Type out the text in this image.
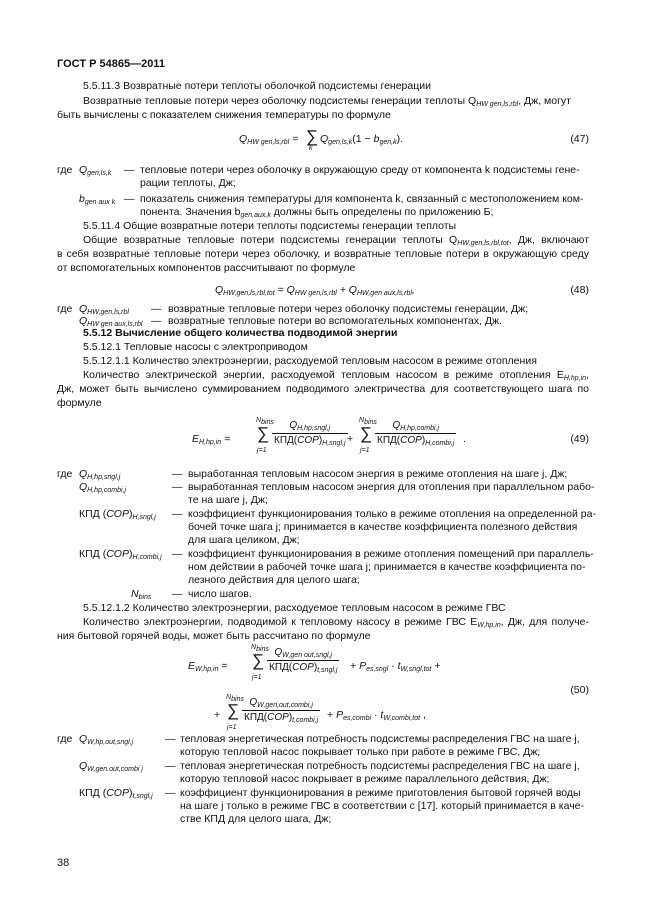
ГОСТ Р 54865—2011
5.5.11.3 Возвратные потери теплоты оболочкой подсистемы генерации
Возвратные тепловые потери через оболочку подсистемы генерации теплоты $Q_{HW gen,ls,rbl}$, Дж, могут
быть вычислены с показателем снижения температуры по формуле
$Q_{HW gen,ls,rbl}$ = ∑
k
$Q_{gen,ls,k}(1 - b_{gen,k})$.	(47)
где $Q_{gen,ls,k}$ — тепловые потери через оболочку в окружающую среду от компонента k подсистемы гене-
рации теплоты, Дж;
$b_{gen aux k}$ — показатель снижения температуры для компонента k, связанный с местоположением ком-
понента. Значения $b_{gen,aux,k}$ должны быть определены по приложению Б;
5.5.11.4 Общие возвратные потери теплоты подсистемы генерации теплоты
Общие возвратные тепловые потери подсистемы генерации теплоты $Q_{HW,gen,ls,rbl,tot}$, Дж, включают
в себя возвратные тепловые потери через оболочку, и возвратные тепловые потери в окружающую среду
от вспомогательных компонентов рассчитывают по формуле
$Q_{HW,gen,ls,rbl,tot} = Q_{HW gen,ls,rbl} + Q_{HW,gen aux,ls,rbl}$,	(48)
где $Q_{HW,gen,ls,rbl}$ — возвратные тепловые потери через оболочку подсистемы генерации, Дж;
$Q_{HW gen aux,ls,rbl}$ — возвратные тепловые потери во вспомогательных компонентах, Дж.
5.5.12 Вычисление общего количества подводимой энергии
5.5.12.1 Тепловые насосы с электроприводом
5.5.12.1.1 Количество электроэнергии, расходуемой тепловым насосом в режиме отопления
Количество электрической энергии, расходуемой тепловым насосом в режиме отопления $E_{H,hp,in}$,
Дж, может быть вычислено суммированием подводимого электричества для соответствующего шага по
формуле
$E_{H,hp,in}$ =
$N_{bins}$
∑
j=1
$Q_{H,hp,sngl,j}$
$КПД(COP)_{H,sngl,j}$ +
$N_{bins}$
∑
j=1
$Q_{H,hp,combi,j}$
$КПД(COP)_{H,combi,j}$ .	(49)
где $Q_{H,hp,sngl,j}$	— выработанная тепловым насосом энергия в режиме отопления на шаге j, Дж;
$Q_{H,hp,combi,j}$	— выработанная тепловым насосом энергия для отопления при параллельном рабо-
те на шаге j, Дж;
КПД $(COP)_{H,sngl,j}$ — коэффициент функционирования только в режиме отопления на определенной ра-
бочей точке шага j; принимается в качестве коэффициента полезного действия
для шага целиком, Дж;
КПД $(COP)_{H,combi,j}$ — коэффициент функционирования в режиме отопления помещений при параллель-
ном действии в рабочей точке шага j; принимается в качестве коэффициента по-
лезного действия для целого шага;
$N_{bins}$ — число шагов.
5.5.12.1.2 Количество электроэнергии, расходуемое тепловым насосом в режиме ГВС
Количество электроэнергии, подводимой к тепловому насосу в режиме ГВС $E_{W,hp,in}$, Дж, для получе-
ния бытовой горячей воды, может быть рассчитано по формуле
$E_{W,hp,in}$ =
$N_{bins}$
∑
j=1
$Q_{W,gen out,sngl,j}$
$КПД(COP)_{t,sngl,j} + P_{es,sngl} \cdot t_{W,sngl,tot}$ +
$N_{bins}$
+ ∑
j=1
$Q_{W,gen,out,combi,j}$
$КПД(COP)_{t,combi,j} + P_{es,combi} \cdot t_{W,combi,tot}$ ,
(50)
где $Q_{W,hp,out,sngl,j}$	— тепловая энергетическая потребность подсистемы распределения ГВС на шаге j,
которую тепловой насос покрывает только при работе в режиме ГВС, Дж;
$Q_{W,gen.out,combi j}$ — тепловая энергетическая потребность подсистемы распределения ГВС на шаге j,
которую тепловой насос покрывает в режиме параллельного действия, Дж;
КПД $(COP)_{t,sngl,j}$ — коэффициент функционирования в режиме приготовления бытовой горячей воды
на шаге j только в режиме ГВС в соответствии с [17]. который принимается в каче-
стве КПД для целого шага, Дж;
38
